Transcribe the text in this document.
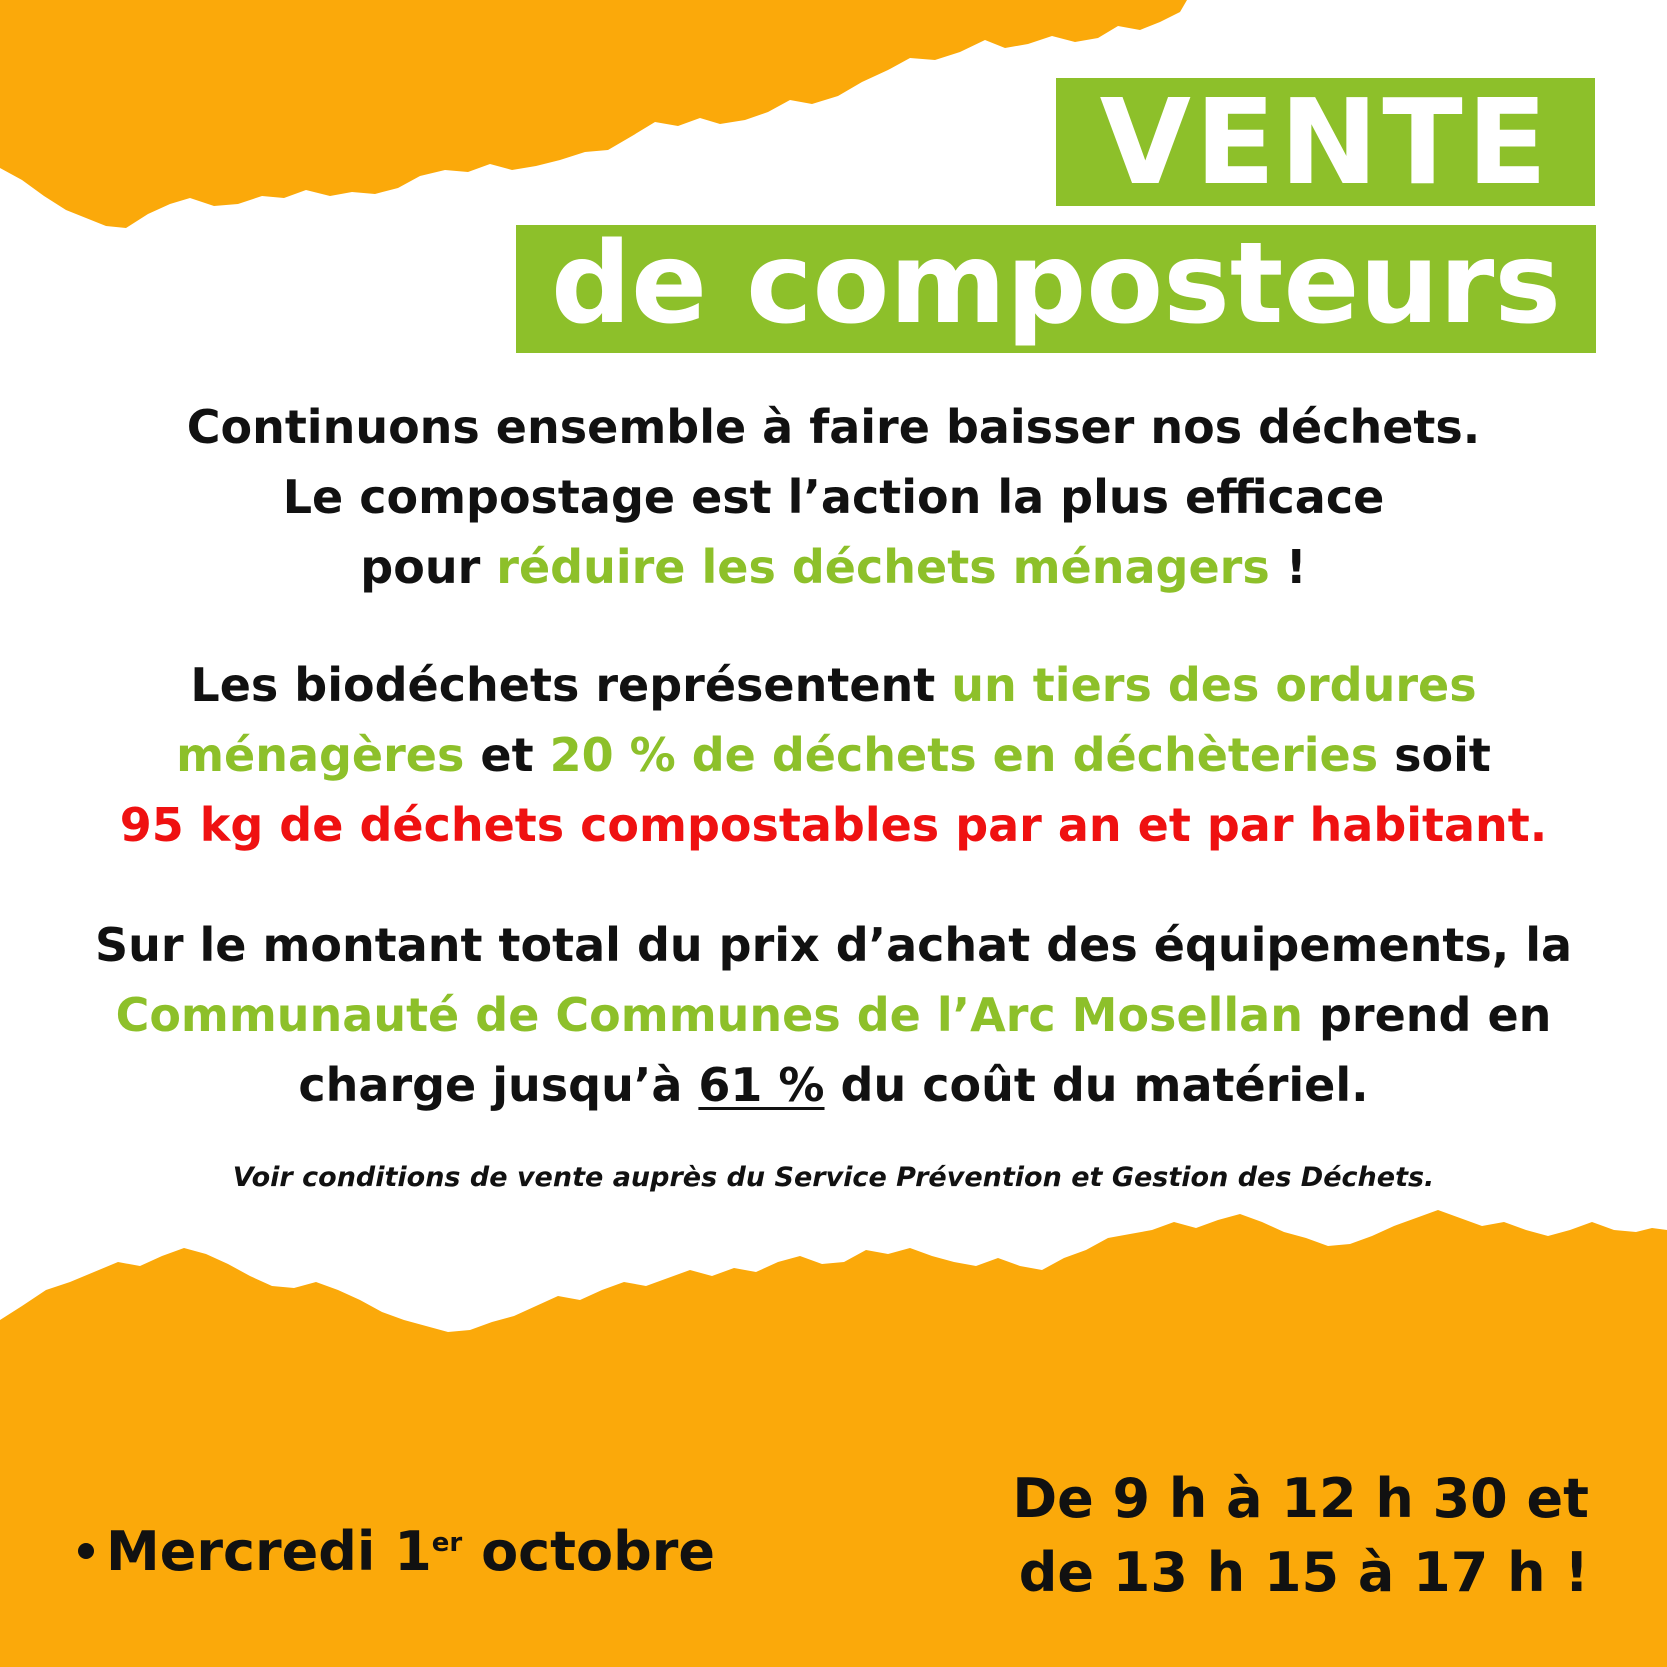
VENTE
de composteurs

Continuons ensemble à faire baisser nos déchets.
Le compostage est l’action la plus efficace
pour réduire les déchets ménagers !

Les biodéchets représentent un tiers des ordures ménagères et 20 % de déchets en déchèteries soit
95 kg de déchets compostables par an et par habitant.

Sur le montant total du prix d’achat des équipements, la Communauté de Communes de l’Arc Mosellan prend en charge jusqu’à 61 % du coût du matériel.

Voir conditions de vente auprès du Service Prévention et Gestion des Déchets.

Mercredi 1er octobre
De 9 h à 12 h 30 et
de 13 h 15 à 17 h !
